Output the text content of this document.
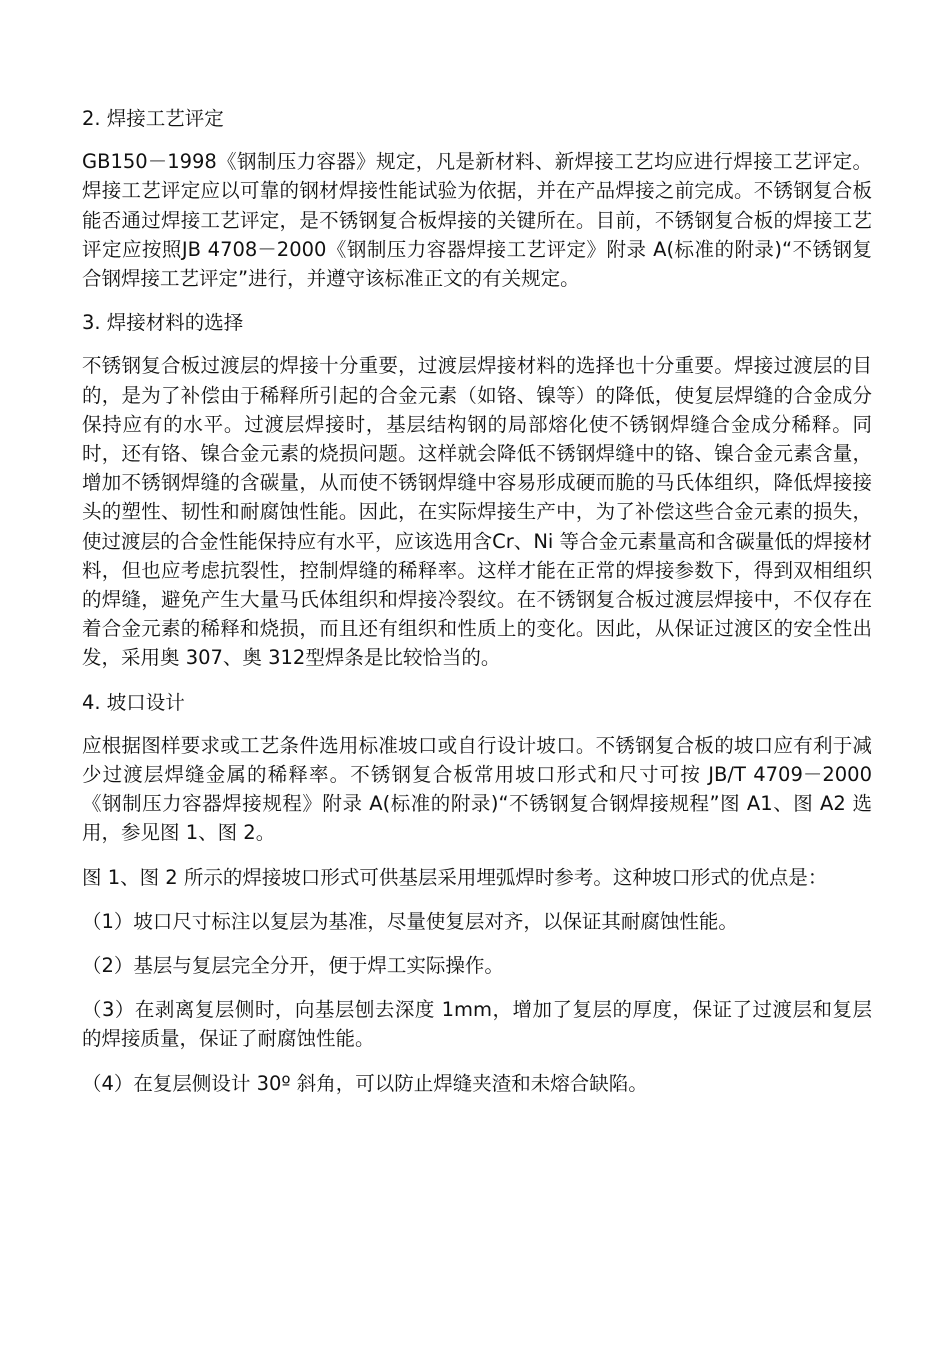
2. 焊接工艺评定

GB150－1998《钢制压力容器》规定，凡是新材料、新焊接工艺均应进行焊接工艺评定。焊接工艺评定应以可靠的钢材焊接性能试验为依据，并在产品焊接之前完成。不锈钢复合板能否通过焊接工艺评定，是不锈钢复合板焊接的关键所在。目前，不锈钢复合板的焊接工艺评定应按照JB 4708－2000《钢制压力容器焊接工艺评定》附录 A(标准的附录)“不锈钢复合钢焊接工艺评定”进行，并遵守该标准正文的有关规定。

3. 焊接材料的选择

不锈钢复合板过渡层的焊接十分重要，过渡层焊接材料的选择也十分重要。焊接过渡层的目的，是为了补偿由于稀释所引起的合金元素（如铬、镍等）的降低，使复层焊缝的合金成分保持应有的水平。过渡层焊接时，基层结构钢的局部熔化使不锈钢焊缝合金成分稀释。同时，还有铬、镍合金元素的烧损问题。这样就会降低不锈钢焊缝中的铬、镍合金元素含量，增加不锈钢焊缝的含碳量，从而使不锈钢焊缝中容易形成硬而脆的马氏体组织，降低焊接接头的塑性、韧性和耐腐蚀性能。因此，在实际焊接生产中，为了补偿这些合金元素的损失，使过渡层的合金性能保持应有水平，应该选用含Cr、Ni 等合金元素量高和含碳量低的焊接材料，但也应考虑抗裂性，控制焊缝的稀释率。这样才能在正常的焊接参数下，得到双相组织的焊缝，避免产生大量马氏体组织和焊接冷裂纹。在不锈钢复合板过渡层焊接中，不仅存在着合金元素的稀释和烧损，而且还有组织和性质上的变化。因此，从保证过渡区的安全性出发，采用奥 307、奥 312型焊条是比较恰当的。

4. 坡口设计

应根据图样要求或工艺条件选用标准坡口或自行设计坡口。不锈钢复合板的坡口应有利于减少过渡层焊缝金属的稀释率。不锈钢复合板常用坡口形式和尺寸可按 JB/T 4709－2000《钢制压力容器焊接规程》附录 A(标准的附录)“不锈钢复合钢焊接规程”图 A1、图 A2 选用，参见图 1、图 2。

图 1、图 2 所示的焊接坡口形式可供基层采用埋弧焊时参考。这种坡口形式的优点是：

（1）坡口尺寸标注以复层为基准，尽量使复层对齐，以保证其耐腐蚀性能。

（2）基层与复层完全分开，便于焊工实际操作。

（3）在剥离复层侧时，向基层刨去深度 1mm，增加了复层的厚度，保证了过渡层和复层的焊接质量，保证了耐腐蚀性能。

（4）在复层侧设计 30º 斜角，可以防止焊缝夹渣和未熔合缺陷。
